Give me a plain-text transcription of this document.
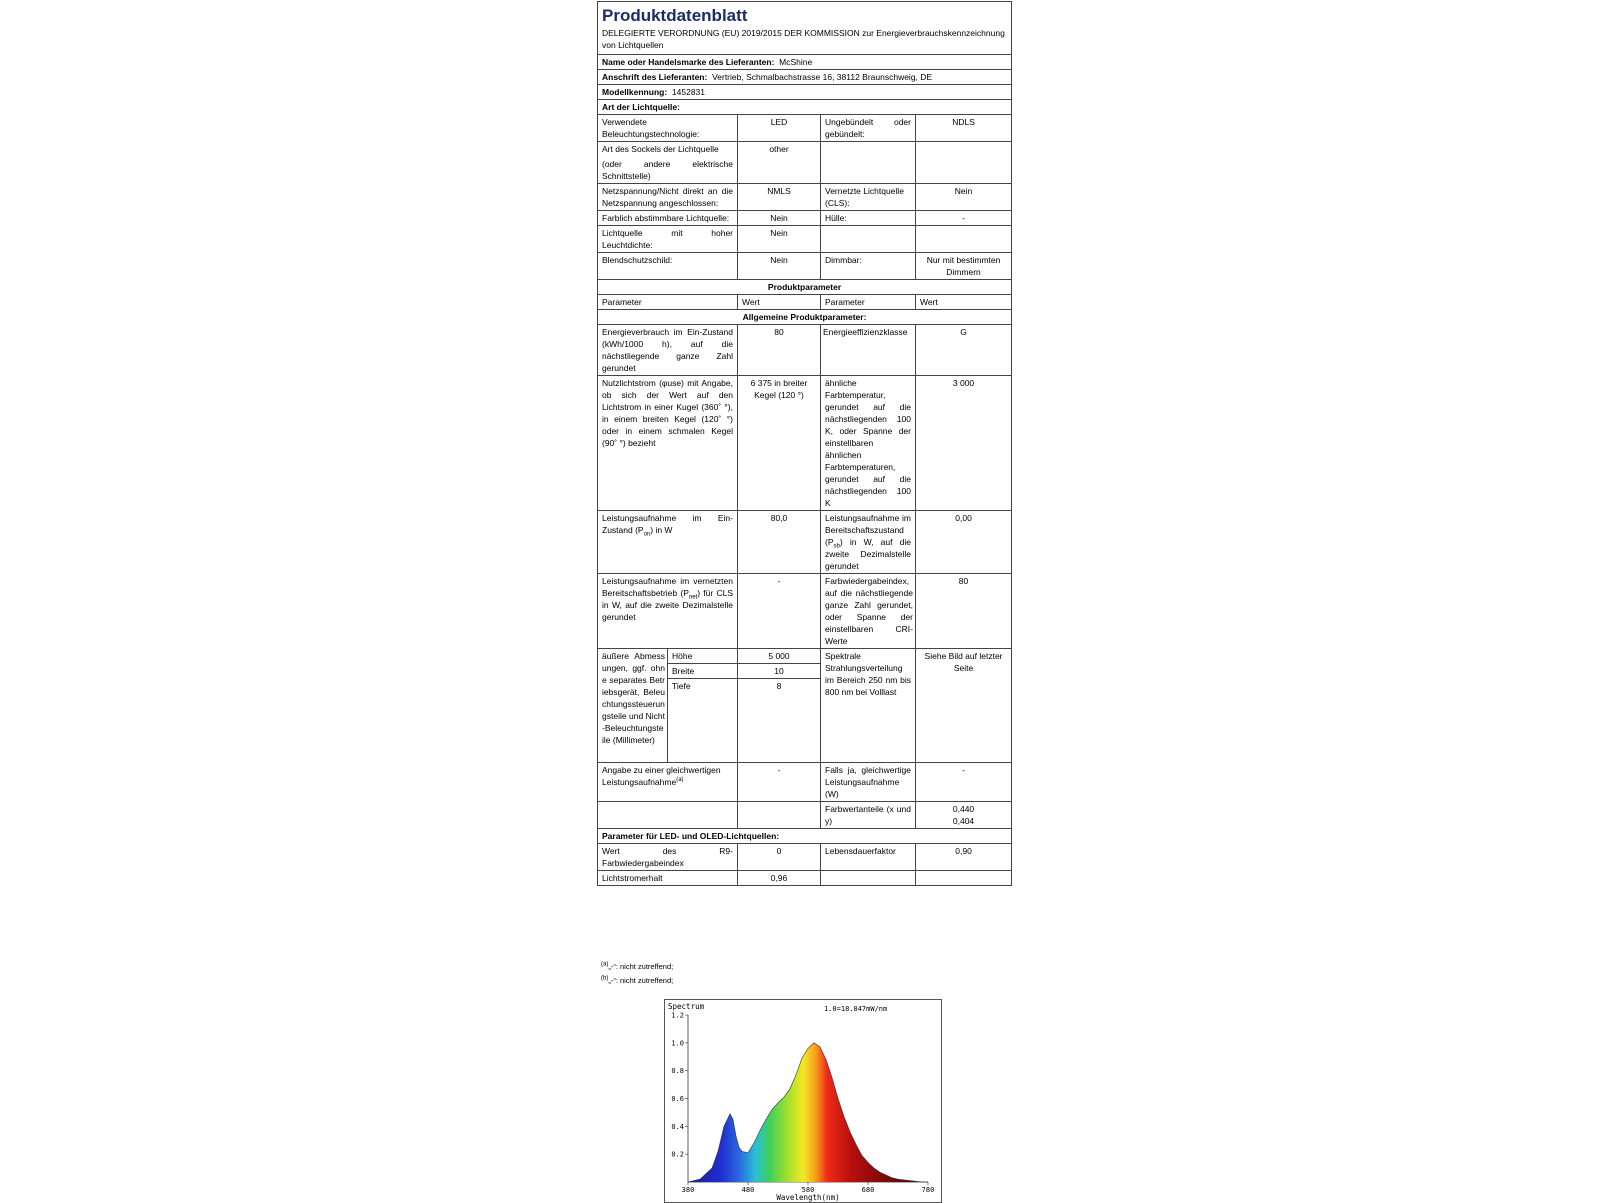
Produktdatenblatt
DELEGIERTE VERORDNUNG (EU) 2019/2015 DER KOMMISSION zur Energieverbrauchskennzeichnung von Lichtquellen				

Name oder Handelsmarke des Lieferanten: McShine				
Anschrift des Lieferanten: Vertrieb, Schmalbachstrasse 16, 38112 Braunschweig, DE				
Modellkennung: 1452831				
Art der Lichtquelle:				
Verwendete Beleuchtungstechnologie:		LED	Ungebündelt oder gebündelt:	NDLS

Art des Sockels der Lichtquelle
(oder andere elektrische Schnittstelle)		other		
Netzspannung/Nicht direkt an die Netzspannung angeschlossen:		NMLS	Vernetzte Lichtquelle (CLS):	Nein
Farblich abstimmbare Lichtquelle:		Nein	Hülle:	-
Lichtquelle mit hoher Leuchtdichte:		Nein		
Blendschutzschild:		Nein	Dimmbar:	Nur mit bestimmten Dimmern
Produktparameter				
Parameter		Wert	Parameter	Wert
Allgemeine Produktparameter:				
Energieverbrauch im Ein-Zustand (kWh/1000 h), auf die nächstliegende ganze Zahl gerundet		80	Energieeffizienzklasse	G
Nutzlichtstrom (φuse) mit Angabe, ob sich der Wert auf den Lichtstrom in einer Kugel (360˚ °), in einem breiten Kegel (120˚ °) oder in einem schmalen Kegel (90˚ °) bezieht		6 375 in breiter Kegel (120 °)	ähnliche Farbtemperatur, gerundet auf die nächstliegenden 100 K, oder Spanne der einstellbaren ähnlichen Farbtemperaturen, gerundet auf die nächstliegenden 100 K	3 000
Leistungsaufnahme im Ein-Zustand $(P_{on})$ in W		80,0	Leistungsaufnahme im Bereitschaftszustand $(P_{sb})$ in W, auf die zweite Dezimalstelle gerundet	0,00
Leistungsaufnahme im vernetzten Bereitschaftsbetrieb $(P_{net})$ für CLS in W, auf die zweite Dezimalstelle gerundet		-	Farbwiedergabeindex, auf die nächstliegende ganze Zahl gerundet, oder Spanne der einstellbaren CRI-Werte	80
äußere Abmessungen, ggf. ohne separates Betriebsgerät, Beleuchtungssteuerungsteile und Nicht-Beleuchtungsteile (Millimeter)	Höhe	5 000	Spektrale Strahlungsverteilung im Bereich 250 nm bis 800 nm bei Volllast	Siehe Bild auf letzter Seite
	Breite	10		
	Tiefe	8		
Angabe zu einer gleichwertigen Leistungsaufnahme$^{(a)}$		-	Falls ja, gleichwertige Leistungsaufnahme (W)	-
			Farbwertanteile (x und y)	0,440
0,404

Parameter für LED- und OLED-Lichtquellen:				
Wert des R9-Farbwiedergabeindex		0	Lebensdauerfaktor	0,90
Lichtstromerhalt		0,96		
$^{(a)}$„-“: nicht zutreffend;
$^{(b)}$„-“: nicht zutreffend;
Spectrum	1.0=18.847mW/nm
380	480	580	680	780
0.2
0.4
0.6
0.8
1.0
1.2
Wavelength(nm)
